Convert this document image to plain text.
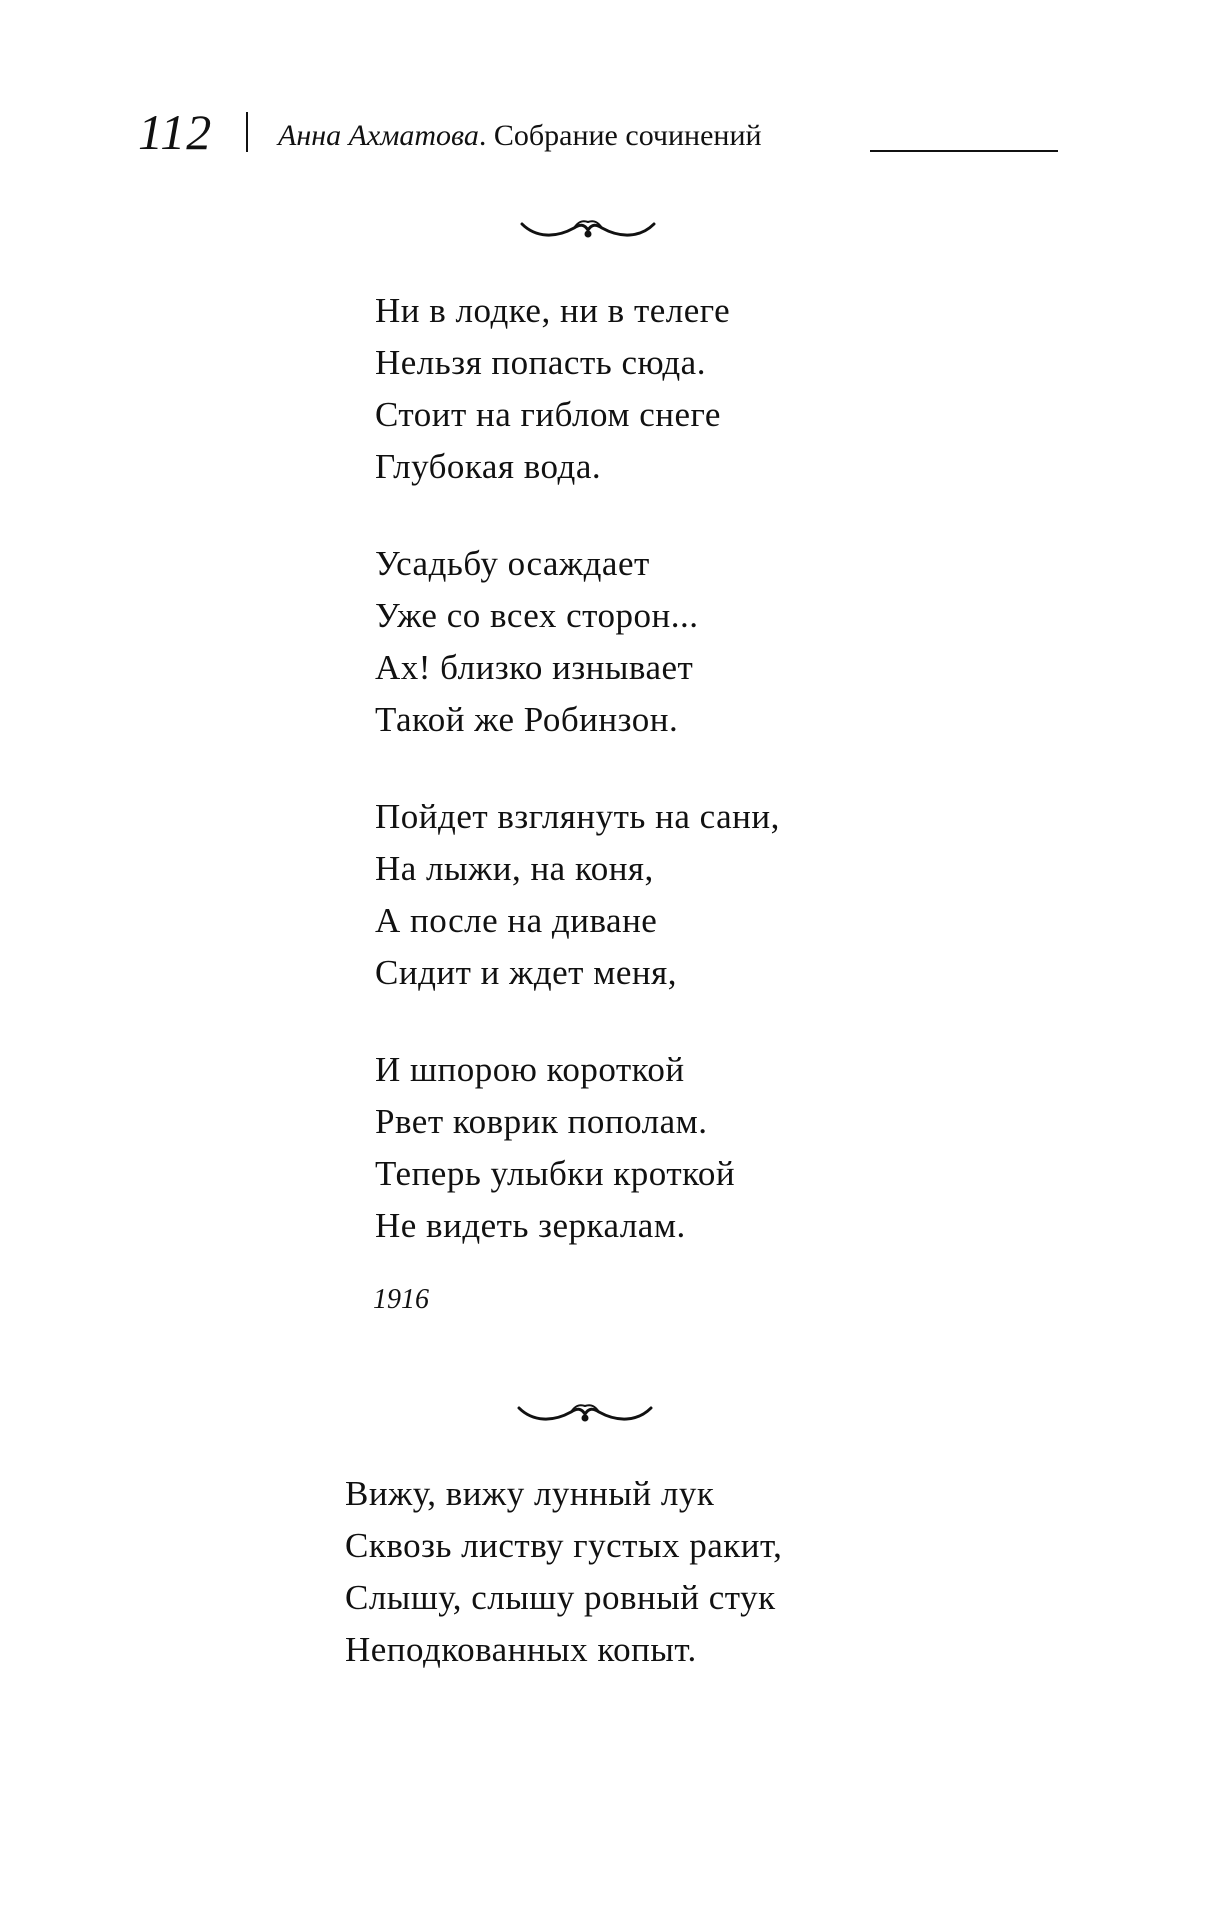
112 Анна Ахматова. Собрание сочинений
Ни в лодке, ни в телеге
Нельзя попасть сюда.
Стоит на гиблом снеге
Глубокая вода.
Усадьбу осаждает
Уже со всех сторон...
Ах! близко изнывает
Такой же Робинзон.
Пойдет взглянуть на сани,
На лыжи, на коня,
А после на диване
Сидит и ждет меня,
И шпорою короткой
Рвет коврик пополам.
Теперь улыбки кроткой
Не видеть зеркалам.
1916
Вижу, вижу лунный лук
Сквозь листву густых ракит,
Слышу, слышу ровный стук
Неподкованных копыт.
